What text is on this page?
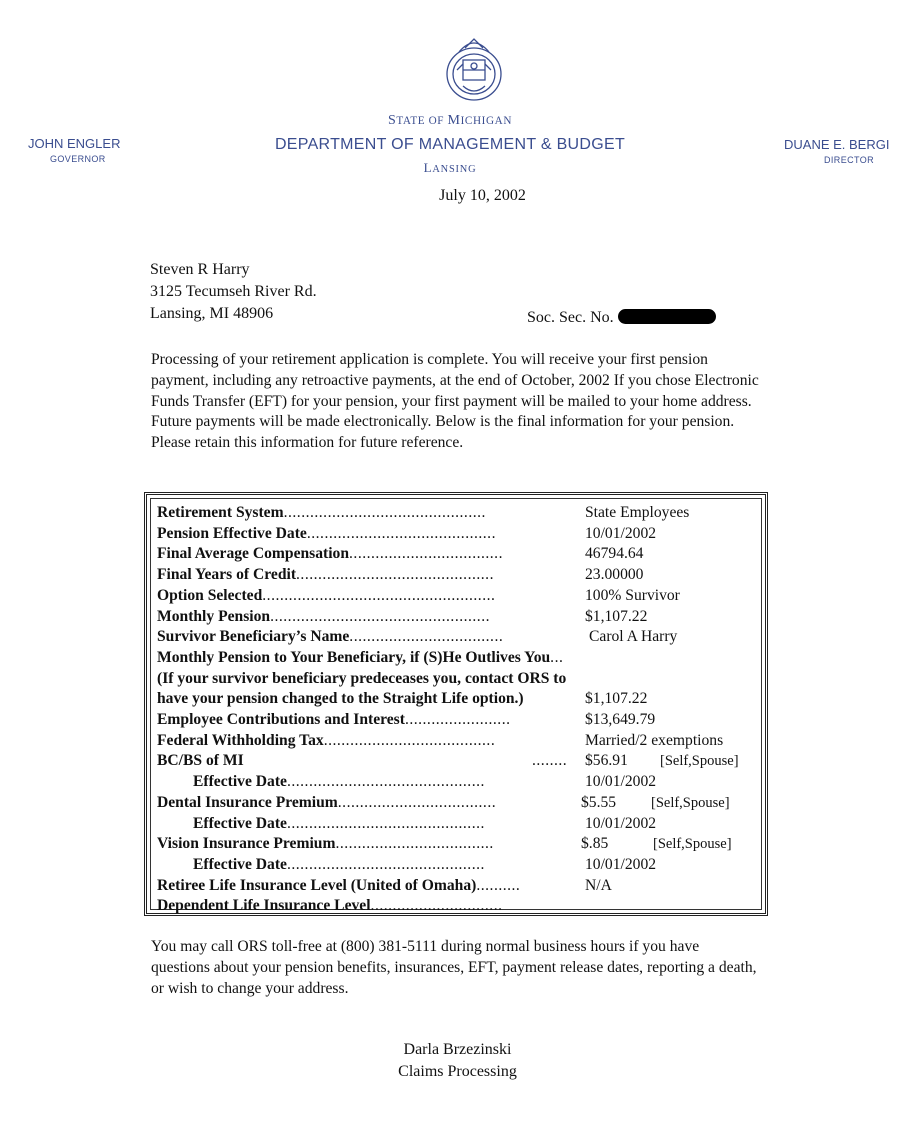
STATE OF MICHIGAN
DEPARTMENT OF MANAGEMENT & BUDGET
LANSING
JOHN ENGLER
GOVERNOR
DUANE E. BERGI
DIRECTOR
July 10, 2002
Steven R Harry
3125 Tecumseh River Rd.
Lansing, MI 48906	Soc. Sec. No.
Processing of your retirement application is complete. You will receive your first pension payment, including any retroactive payments, at the end of October, 2002 If you chose Electronic Funds Transfer (EFT) for your pension, your first payment will be mailed to your home address. Future payments will be made electronically. Below is the final information for your pension. Please retain this information for future reference.
Retirement System..............................................	State Employees
Pension Effective Date...........................................	10/01/2002
Final Average Compensation...................................	46794.64
Final Years of Credit.............................................	23.00000
Option Selected.....................................................	100% Survivor
Monthly Pension..................................................	$1,107.22
Survivor Beneficiary’s Name...................................	Carol A Harry
Monthly Pension to Your Beneficiary, if (S)He Outlives You...
(If your survivor beneficiary predeceases you, contact ORS to
have your pension changed to the Straight Life option.)	$1,107.22
Employee Contributions and Interest........................	$13,649.79
Federal Withholding Tax.......................................	Married/2 exemptions
BC/BS of MI	........ $56.91 [Self,Spouse]
Effective Date.............................................	10/01/2002
Dental Insurance Premium....................................	$5.55 [Self,Spouse]
Effective Date.............................................	10/01/2002
Vision Insurance Premium....................................	$.85	[Self,Spouse]
Effective Date.............................................	10/01/2002
Retiree Life Insurance Level (United of Omaha)..........	N/A
Dependent Life Insurance Level..............................
You may call ORS toll-free at (800) 381-5111 during normal business hours if you have questions about your pension benefits, insurances, EFT, payment release dates, reporting a death, or wish to change your address.
Darla Brzezinski
Claims Processing
